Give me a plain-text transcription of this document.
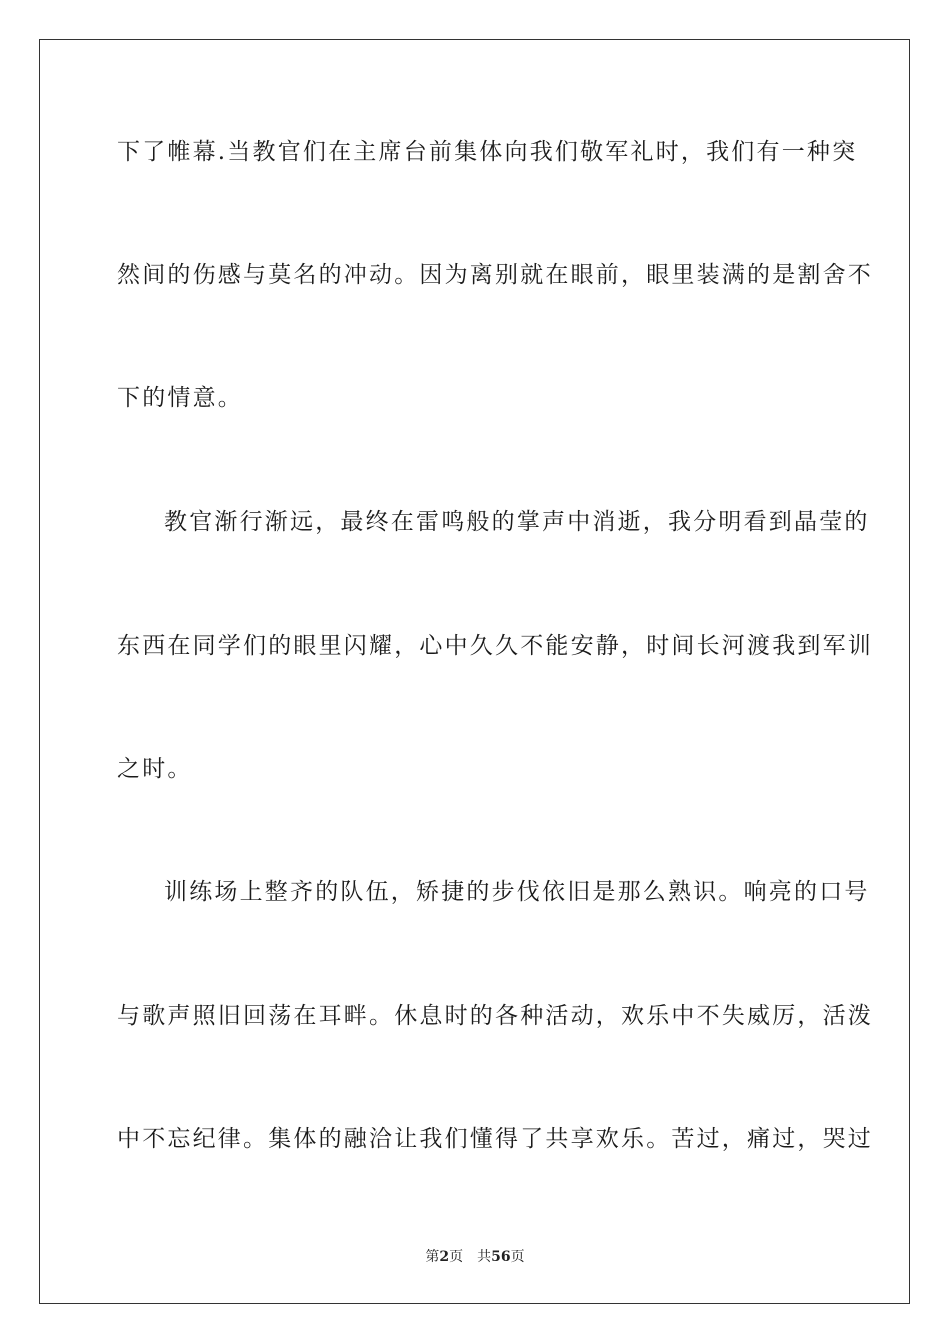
下了帷幕.当教官们在主席台前集体向我们敬军礼时，我们有一种突
然间的伤感与莫名的冲动。因为离别就在眼前，眼里装满的是割舍不
下的情意。
教官渐行渐远，最终在雷鸣般的掌声中消逝，我分明看到晶莹的
东西在同学们的眼里闪耀，心中久久不能安静，时间长河渡我到军训
之时。
训练场上整齐的队伍，矫捷的步伐依旧是那么熟识。响亮的口号
与歌声照旧回荡在耳畔。休息时的各种活动，欢乐中不失威厉，活泼
中不忘纪律。集体的融洽让我们懂得了共享欢乐。苦过，痛过，哭过
第2页 共56页
